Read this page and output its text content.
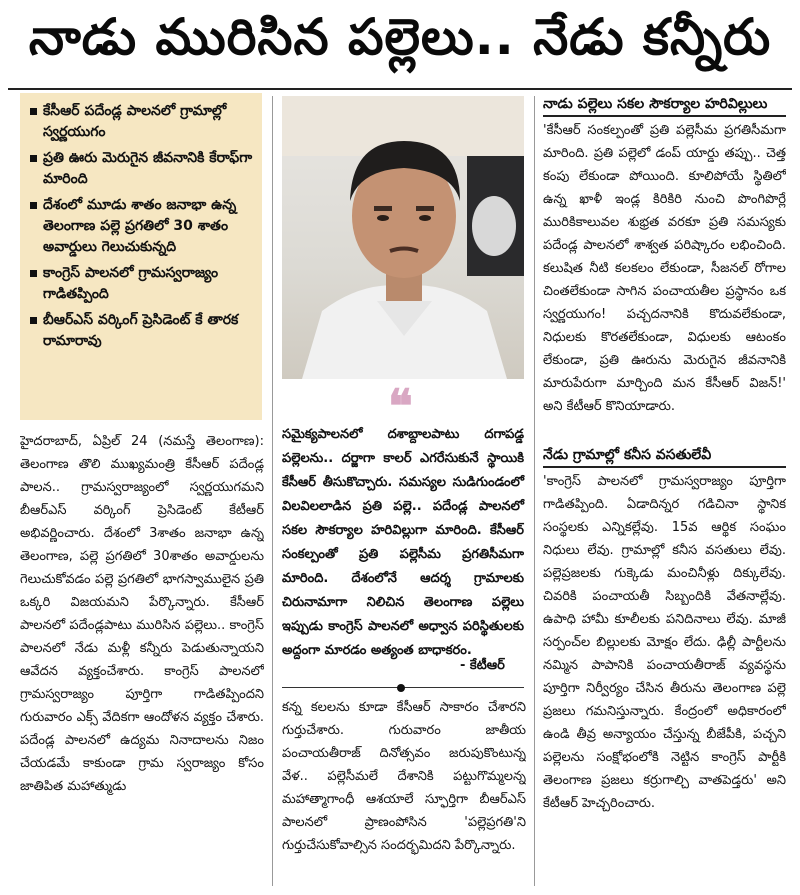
నాడు మురిసిన పల్లెలు.. నేడు కన్నీరు
కేసీఆర్ పదేండ్ల పాలనలో గ్రామాల్లో స్వర్ణయుగం
ప్రతి ఊరు మెరుగైన జీవనానికి కేరాఫ్‌గా మారింది
దేశంలో మూడు శాతం జనాభా ఉన్న తెలంగాణ పల్లె ప్రగతిలో 30 శాతం అవార్డులు గెలుచుకున్నది
కాంగ్రెస్ పాలనలో గ్రామస్వరాజ్యం గాడితప్పింది
బీఆర్‌ఎస్ వర్కింగ్ ప్రెసిడెంట్ కే తారక రామారావు

హైదరాబాద్, ఏప్రిల్ 24 (నమస్తే తెలంగాణ): తెలంగాణ తొలి ముఖ్యమంత్రి కేసీఆర్ పదేండ్ల పాలన.. గ్రామస్వరాజ్యంలో స్వర్ణయుగమని బీఆర్‌ఎస్ వర్కింగ్ ప్రెసిడెంట్ కేటీఆర్ అభివర్ణించారు. దేశంలో 3శాతం జనాభా ఉన్న తెలంగాణ, పల్లె ప్రగతిలో 30శాతం అవార్డులను గెలుచుకోవడం పల్లె ప్రగతిలో భాగస్వాములైన ప్రతి ఒక్కరి విజయమని పేర్కొన్నారు. కేసీఆర్ పాలనలో పదేండ్లపాటు మురిసిన పల్లెలు.. కాంగ్రెస్ పాలనలో నేడు మళ్లీ కన్నీరు పెడుతున్నాయని ఆవేదన వ్యక్తంచేశారు. కాంగ్రెస్ పాలనలో గ్రామస్వరాజ్యం పూర్తిగా గాడితప్పిందని గురువారం ఎక్స్ వేదికగా ఆందోళన వ్యక్తం చేశారు. పదేండ్ల పాలనలో ఉద్యమ నినాదాలను నిజం చేయడమే కాకుండా గ్రామ స్వరాజ్యం కోసం జాతిపిత మహాత్ముడు

❝

సమైక్యపాలనలో దశాబ్దాలపాటు దగాపడ్డ పల్లెలను.. దర్జాగా కాలర్ ఎగరేసుకునే స్థాయికి కేసీఆర్ తీసుకొచ్చారు. సమస్యల సుడిగుండంలో విలవిలలాడిన ప్రతి పల్లె.. పదేండ్ల పాలనలో సకల సౌకర్యాల హరివిల్లుగా మారింది. కేసీఆర్ సంకల్పంతో ప్రతి పల్లెసీమ ప్రగతిసీమగా మారింది. దేశంలోనే ఆదర్శ గ్రామాలకు చిరునామాగా నిలిచిన తెలంగాణ పల్లెలు ఇప్పుడు కాంగ్రెస్ పాలనలో అధ్వాన పరిస్థితులకు అద్దంగా మారడం అత్యంత బాధాకరం.

- కేటీఆర్

కన్న కలలను కూడా కేసీఆర్ సాకారం చేశారని గుర్తుచేశారు. గురువారం జాతీయ పంచాయతీరాజ్ దినోత్సవం జరుపుకొంటున్న వేళ.. పల్లెసీమలే దేశానికి పట్టుగొమ్మలన్న మహాత్మాగాంధీ ఆశయాలే స్ఫూర్తిగా బీఆర్‌ఎస్ పాలనలో ప్రాణంపోసిన 'పల్లెప్రగతి'ని గుర్తుచేసుకోవాల్సిన సందర్భమిదని పేర్కొన్నారు.

నాడు పల్లెలు సకల సౌకర్యాల హరివిల్లులు

'కేసీఆర్ సంకల్పంతో ప్రతి పల్లెసీమ ప్రగతిసీమగా మారింది. ప్రతి పల్లెలో డంప్ యార్డు తప్పు.. చెత్త కంపు లేకుండా పోయింది. కూలిపోయే స్థితిలో ఉన్న ఖాళీ ఇండ్ల కిరికిరి నుంచి పొంగిపొర్లే మురికికాలువల శుభ్రత వరకూ ప్రతి సమస్యకు పదేండ్ల పాలనలో శాశ్వత పరిష్కారం లభించింది. కలుషిత నీటి కలకలం లేకుండా, సీజనల్ రోగాల చింతలేకుండా సాగిన పంచాయతీల ప్రస్థానం ఒక స్వర్ణయుగం! పచ్చదనానికి కొదువలేకుండా, నిధులకు కొరతలేకుండా, విధులకు ఆటంకం లేకుండా, ప్రతి ఊరును మెరుగైన జీవనానికి మారుపేరుగా మార్చింది మన కేసీఆర్ విజన్!' అని కేటీఆర్ కొనియాడారు.

నేడు గ్రామాల్లో కనీస వసతులేవీ

'కాంగ్రెస్ పాలనలో గ్రామస్వరాజ్యం పూర్తిగా గాడితప్పింది. ఏడాదిన్నర గడిచినా స్థానిక సంస్థలకు ఎన్నికల్లేవు. 15వ ఆర్థిక సంఘం నిధులు లేవు. గ్రామాల్లో కనీస వసతులు లేవు. పల్లెప్రజలకు గుక్కెడు మంచినీళ్లు దిక్కులేవు. చివరికి పంచాయతీ సిబ్బందికి వేతనాల్లేవు. ఉపాధి హామీ కూలీలకు పనిదినాలు లేవు. మాజీ సర్పంచ్‌ల బిల్లులకు మోక్షం లేదు. ఢిల్లీ పార్టీలను నమ్మిన పాపానికి పంచాయతీరాజ్ వ్యవస్థను పూర్తిగా నిర్వీర్యం చేసిన తీరును తెలంగాణ పల్లె ప్రజలు గమనిస్తున్నారు. కేంద్రంలో అధికారంలో ఉండి తీవ్ర అన్యాయం చేస్తున్న బీజేపీకి, పచ్చని పల్లెలను సంక్షోభంలోకి నెట్టిన కాంగ్రెస్ పార్టీకి తెలంగాణ ప్రజలు కర్రుగాల్చి వాతపెడ్తరు' అని కేటీఆర్ హెచ్చరించారు.
